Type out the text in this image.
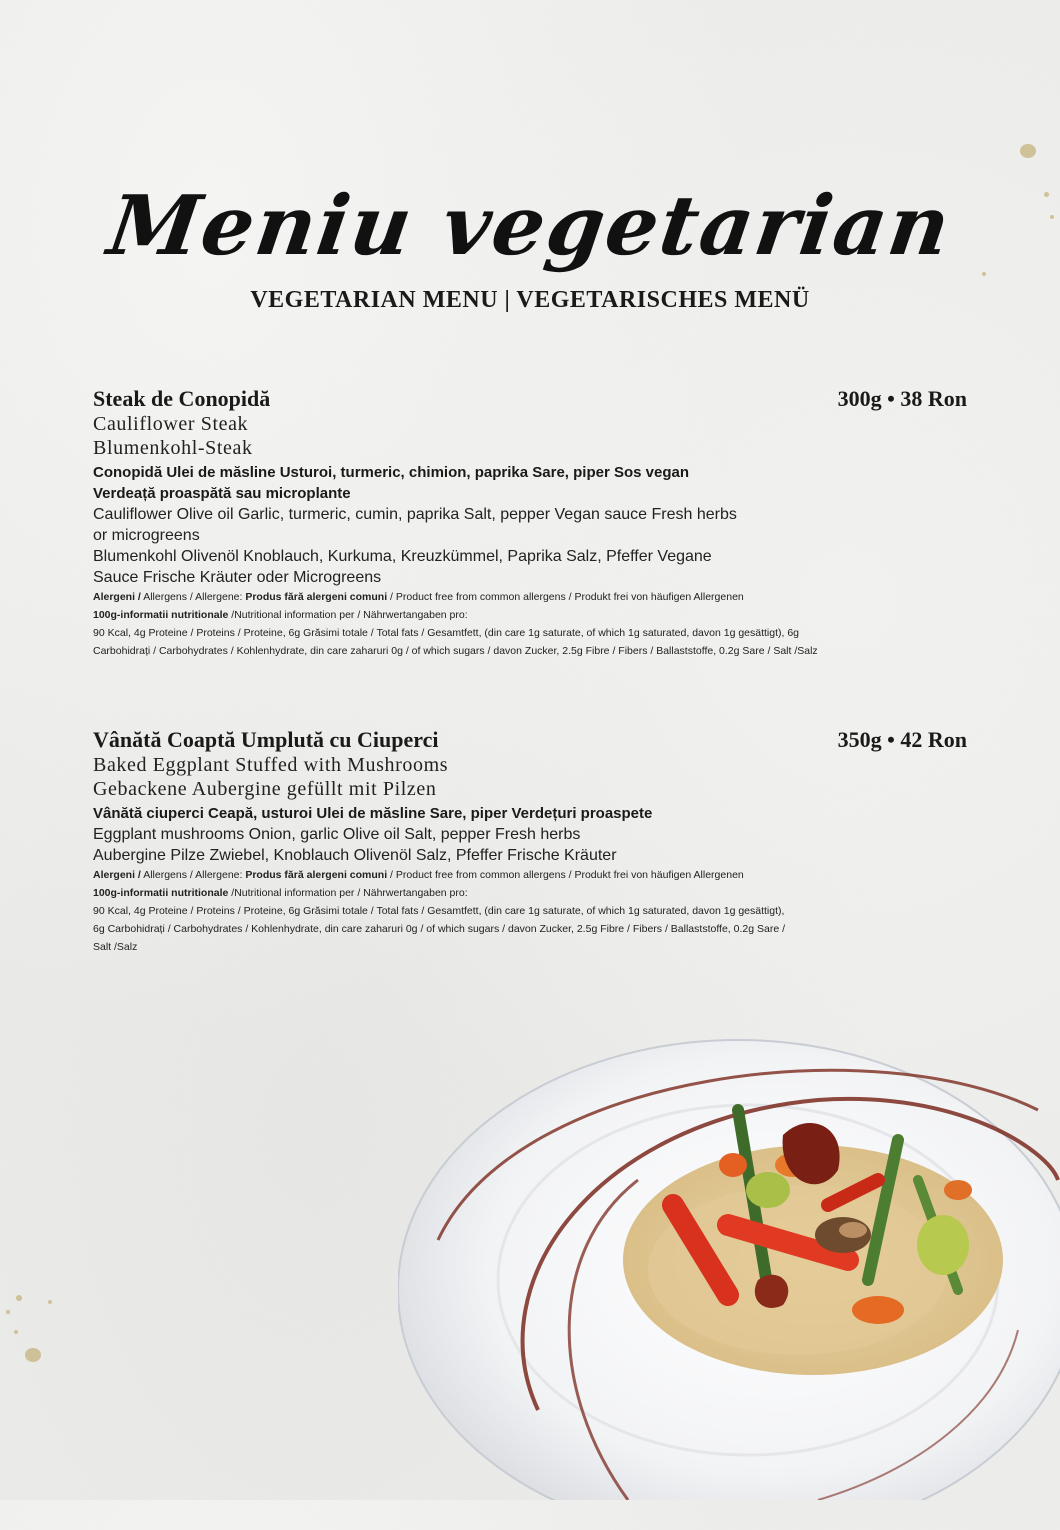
Meniu vegetarian
VEGETARIAN MENU | VEGETARISCHES MENÜ
Steak de Conopidă	300g • 38 Ron
Cauliflower Steak
Blumenkohl-Steak
Conopidă Ulei de măsline Usturoi, turmeric, chimion, paprika Sare, piper Sos vegan Verdeață proaspătă sau microplante
Cauliflower Olive oil Garlic, turmeric, cumin, paprika Salt, pepper Vegan sauce Fresh herbs or microgreens
Blumenkohl Olivenöl Knoblauch, Kurkuma, Kreuzkümmel, Paprika Salz, Pfeffer Vegane Sauce Frische Kräuter oder Microgreens
Alergeni / Allergens / Allergene: Produs fără alergeni comuni / Product free from common allergens / Produkt frei von häufigen Allergenen
100g-informatii nutritionale /Nutritional information per / Nährwertangaben pro:
90 Kcal, 4g Proteine / Proteins / Proteine, 6g Grăsimi totale / Total fats / Gesamtfett, (din care 1g saturate, of which 1g saturated, davon 1g gesättigt), 6g Carbohidrați / Carbohydrates / Kohlenhydrate, din care zaharuri 0g / of which sugars / davon Zucker, 2.5g Fibre / Fibers / Ballaststoffe, 0.2g Sare / Salt /Salz
Vânătă Coaptă Umplută cu Ciuperci	350g • 42 Ron
Baked Eggplant Stuffed with Mushrooms
Gebackene Aubergine gefüllt mit Pilzen
Vânătă ciuperci Ceapă, usturoi Ulei de măsline Sare, piper Verdețuri proaspete
Eggplant mushrooms Onion, garlic Olive oil Salt, pepper Fresh herbs
Aubergine Pilze Zwiebel, Knoblauch Olivenöl Salz, Pfeffer Frische Kräuter
Alergeni / Allergens / Allergene: Produs fără alergeni comuni / Product free from common allergens / Produkt frei von häufigen Allergenen
100g-informatii nutritionale /Nutritional information per / Nährwertangaben pro:
90 Kcal, 4g Proteine / Proteins / Proteine, 6g Grăsimi totale / Total fats / Gesamtfett, (din care 1g saturate, of which 1g saturated, davon 1g gesättigt), 6g Carbohidrați / Carbohydrates / Kohlenhydrate, din care zaharuri 0g / of which sugars / davon Zucker, 2.5g Fibre / Fibers / Ballaststoffe, 0.2g Sare / Salt /Salz
